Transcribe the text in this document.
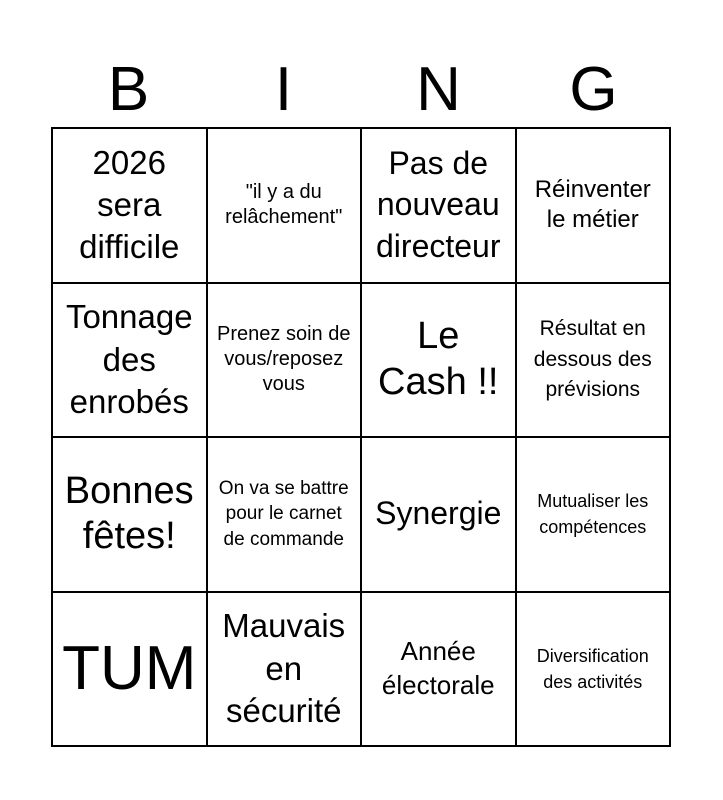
B	I	N	G
2026 sera difficile
"il y a du relâchement"
Pas de nouveau directeur
Réinventer le métier
Tonnage des enrobés
Prenez soin de vous/reposez vous
Le Cash !!
Résultat en dessous des prévisions
Bonnes fêtes!
On va se battre pour le carnet de commande
Synergie	Mutualiser les compétences
TUM
Mauvais en sécurité
Année électorale
Diversification des activités
